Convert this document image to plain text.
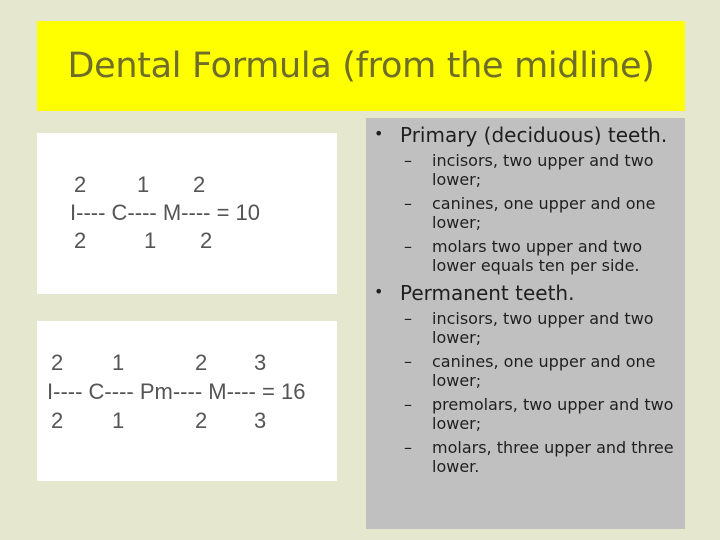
Dental Formula (from the midline)
2 1 2
I---- C---- M---- = 10
2	1 2
2 1	2 3
I---- C---- Pm---- M---- = 16
2 1	2 3
• Primary (deciduous) teeth.
– incisors, two upper and two lower;
– canines, one upper and one lower;
– molars two upper and two lower equals ten per side.
• Permanent teeth.
– incisors, two upper and two lower;
– canines, one upper and one lower;
– premolars, two upper and two lower;
– molars, three upper and three lower.
